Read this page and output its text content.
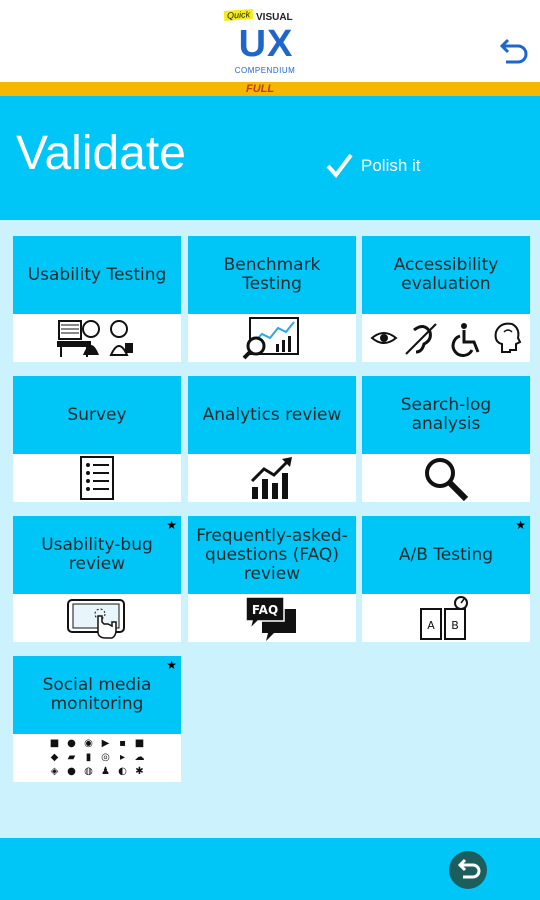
Quick VISUAL
UX
COMPENDIUM
FULL
Validate	Polish it
Usability Testing	Benchmark Testing
Accessibility evaluation
Survey	Analytics review	Search-log analysis
Usability-bug review
★
Frequently-asked-questions (FAQ) review
FAQ
A/B Testing
★
A B
Social media monitoring
★
■ ● ◉ ▶ ▪ ■
◆ ▰	▮ ◎	▸ ☁
◈ ● ◍ ♟ ◐ ✱
